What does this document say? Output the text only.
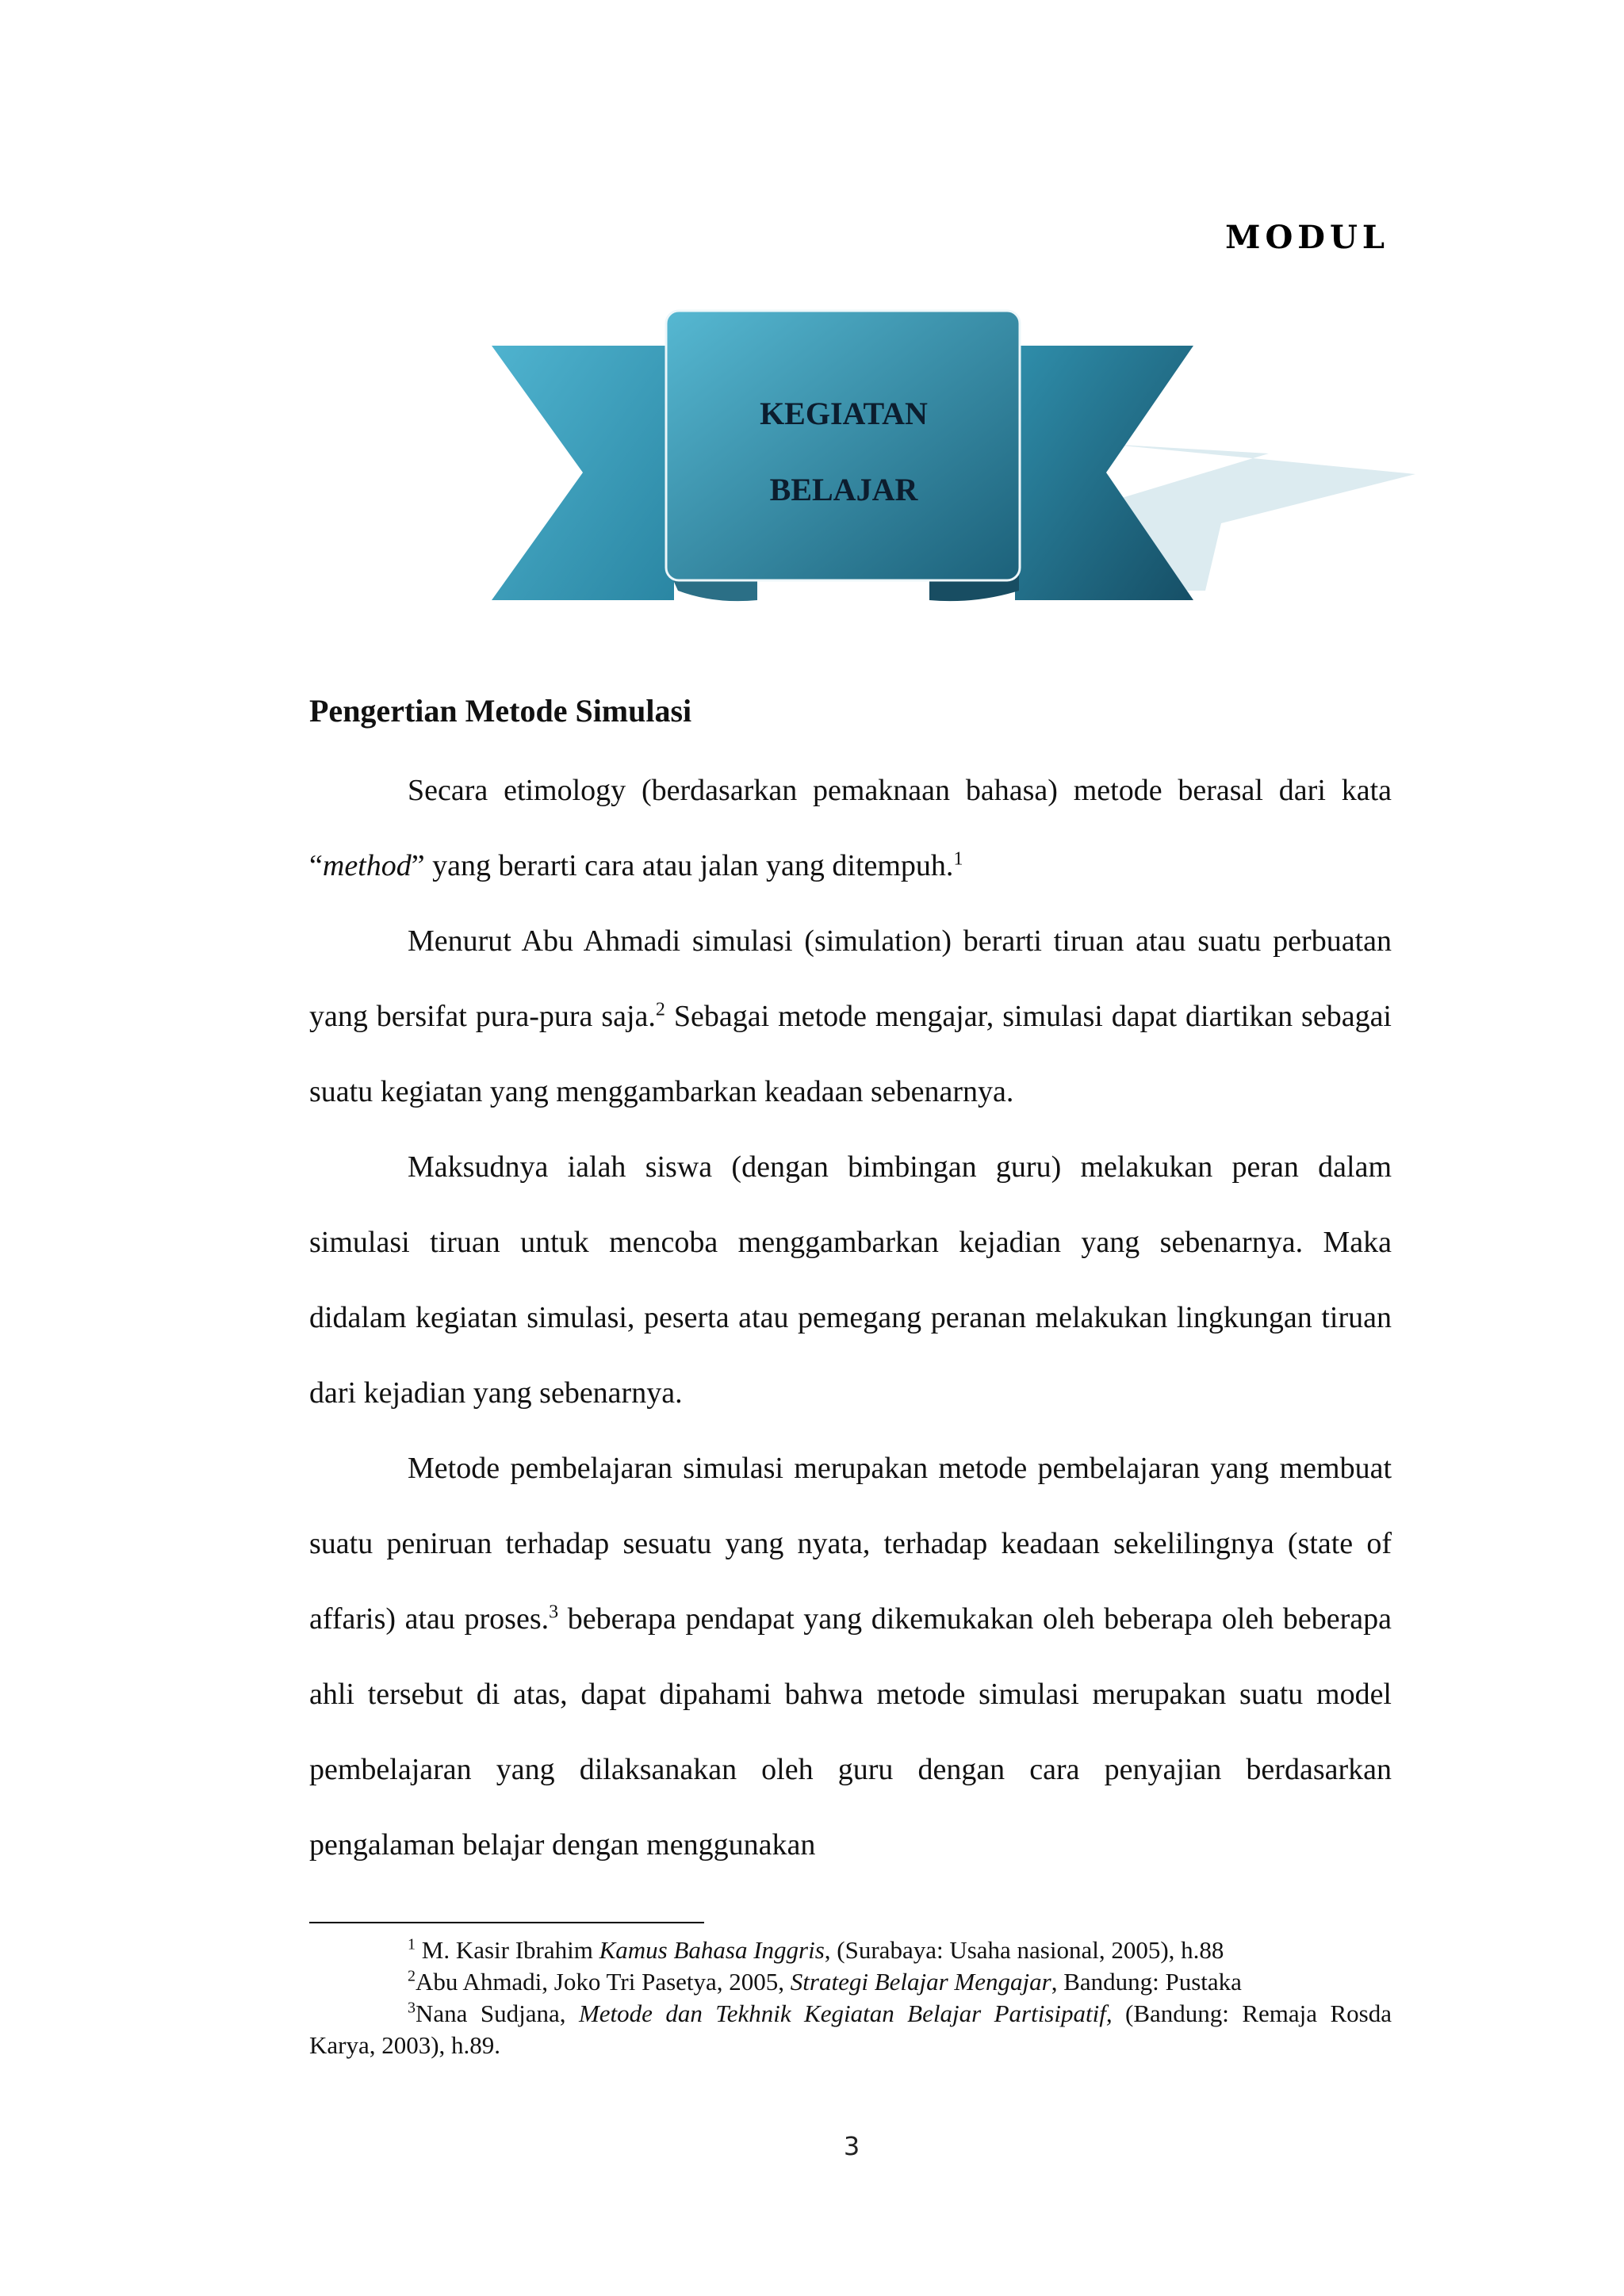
MODUL
KEGIATAN
BELAJAR
Pengertian Metode Simulasi

Secara etimology (berdasarkan pemaknaan bahasa) metode berasal dari kata “method” yang berarti cara atau jalan yang ditempuh.$^1$

Menurut Abu Ahmadi simulasi (simulation) berarti tiruan atau suatu perbuatan yang bersifat pura-pura saja.$^2$ Sebagai metode mengajar, simulasi dapat diartikan sebagai suatu kegiatan yang menggambarkan keadaan sebenarnya.

Maksudnya ialah siswa (dengan bimbingan guru) melakukan peran dalam simulasi tiruan untuk mencoba menggambarkan kejadian yang sebenarnya. Maka didalam kegiatan simulasi, peserta atau pemegang peranan melakukan lingkungan tiruan dari kejadian yang sebenarnya.

Metode pembelajaran simulasi merupakan metode pembelajaran yang membuat suatu peniruan terhadap sesuatu yang nyata, terhadap keadaan sekelilingnya (state of affaris) atau proses.$^3$ beberapa pendapat yang dikemukakan oleh beberapa oleh beberapa ahli tersebut di atas, dapat dipahami bahwa metode simulasi merupakan suatu model pembelajaran yang dilaksanakan oleh guru dengan cara penyajian berdasarkan pengalaman belajar dengan menggunakan

$^1$ M. Kasir Ibrahim Kamus Bahasa Inggris, (Surabaya: Usaha nasional, 2005), h.88

$^2$Abu Ahmadi, Joko Tri Pasetya, 2005, Strategi Belajar Mengajar, Bandung: Pustaka

$^3$Nana Sudjana, Metode dan Tekhnik Kegiatan Belajar Partisipatif, (Bandung: Remaja Rosda Karya, 2003), h.89.

3
